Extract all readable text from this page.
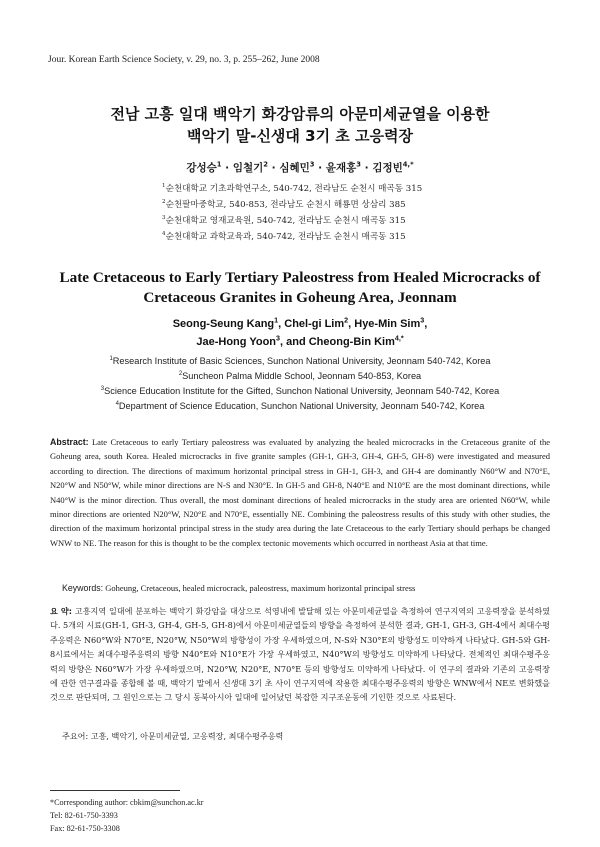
Jour. Korean Earth Science Society, v. 29, no. 3, p. 255–262, June 2008
전남 고흥 일대 백악기 화강암류의 아문미세균열을 이용한
백악기 말-신생대 3기 초 고응력장
강성승$^1$ · 임철기$^2$ · 심혜민$^3$ · 윤재홍$^3$ · 김정빈$^{4,*}$
$^1$순천대학교 기초과학연구소, 540-742, 전라남도 순천시 매곡동 315
$^2$순천팔마중학교, 540-853, 전라남도 순천시 해룡면 상삼리 385
$^3$순천대학교 영재교육원, 540-742, 전라남도 순천시 매곡동 315
$^4$순천대학교 과학교육과, 540-742, 전라남도 순천시 매곡동 315
Late Cretaceous to Early Tertiary Paleostress from Healed Microcracks of
Cretaceous Granites in Goheung Area, Jeonnam
Seong-Seung Kang$^1$, Chel-gi Lim$^2$, Hye-Min Sim$^3$,
Jae-Hong Yoon$^3$, and Cheong-Bin Kim$^{4,*}$
$^1$Research Institute of Basic Sciences, Sunchon National University, Jeonnam 540-742, Korea
$^2$Suncheon Palma Middle School, Jeonnam 540-853, Korea
$^3$Science Education Institute for the Gifted, Sunchon National University, Jeonnam 540-742, Korea
$^4$Department of Science Education, Sunchon National University, Jeonnam 540-742, Korea
Abstract: Late Cretaceous to early Tertiary paleostress was evaluated by analyzing the healed microcracks in the Cretaceous granite of the Goheung area, south Korea. Healed microcracks in five granite samples (GH-1, GH-3, GH-4, GH-5, GH-8) were investigated and measured according to direction. The directions of maximum horizontal principal stress in GH-1, GH-3, and GH-4 are dominantly N60°W and N70°E, N20°W and N50°W, while minor directions are N-S and N30°E. In GH-5 and GH-8, N40°E and N10°E are the most dominant directions, while N40°W is the minor direction. Thus overall, the most dominant directions of healed microcracks in the study area are oriented N60°W, while minor directions are oriented N20°W, N20°E and N70°E, essentially NE. Combining the paleostress results of this study with other studies, the direction of the maximum horizontal principal stress in the study area during the late Cretaceous to the early Tertiary should perhaps be changed WNW to NE. The reason for this is thought to be the complex tectonic movements which occurred in northeast Asia at that time.
Keywords: Goheung, Cretaceous, healed microcrack, paleostress, maximum horizontal principal stress
요 약: 고흥지역 일대에 분포하는 백악기 화강암을 대상으로 석영내에 발달해 있는 아문미세균열을 측정하여 연구지역의 고응력장을 분석하였다. 5개의 시료(GH-1, GH-3, GH-4, GH-5, GH-8)에서 아문미세균열들의 방향을 측정하여 분석한 결과, GH-1, GH-3, GH-4에서 최대수평주응력은 N60°W와 N70°E, N20°W, N50°W의 방향성이 가장 우세하였으며, N-S와 N30°E의 방향성도 미약하게 나타났다. GH-5와 GH-8시료에서는 최대수평주응력의 방향 N40°E와 N10°E가 가장 우세하였고, N40°W의 방향성도 미약하게 나타났다. 전체적인 최대수평주응력의 방향은 N60°W가 가장 우세하였으며, N20°W, N20°E, N70°E 등의 방향성도 미약하게 나타났다. 이 연구의 결과와 기존의 고응력장에 관한 연구결과를 종합해 볼 때, 백악기 말에서 신생대 3기 초 사이 연구지역에 작용한 최대수평주응력의 방향은 WNW에서 NE로 변화했을 것으로 판단되며, 그 원인으로는 그 당시 동북아시아 일대에 일어났던 복잡한 지구조운동에 기인한 것으로 사료된다.
주요어: 고흥, 백악기, 아문미세균열, 고응력장, 최대수평주응력
*Corresponding author: cbkim@sunchon.ac.kr
Tel: 82-61-750-3393
Fax: 82-61-750-3308
